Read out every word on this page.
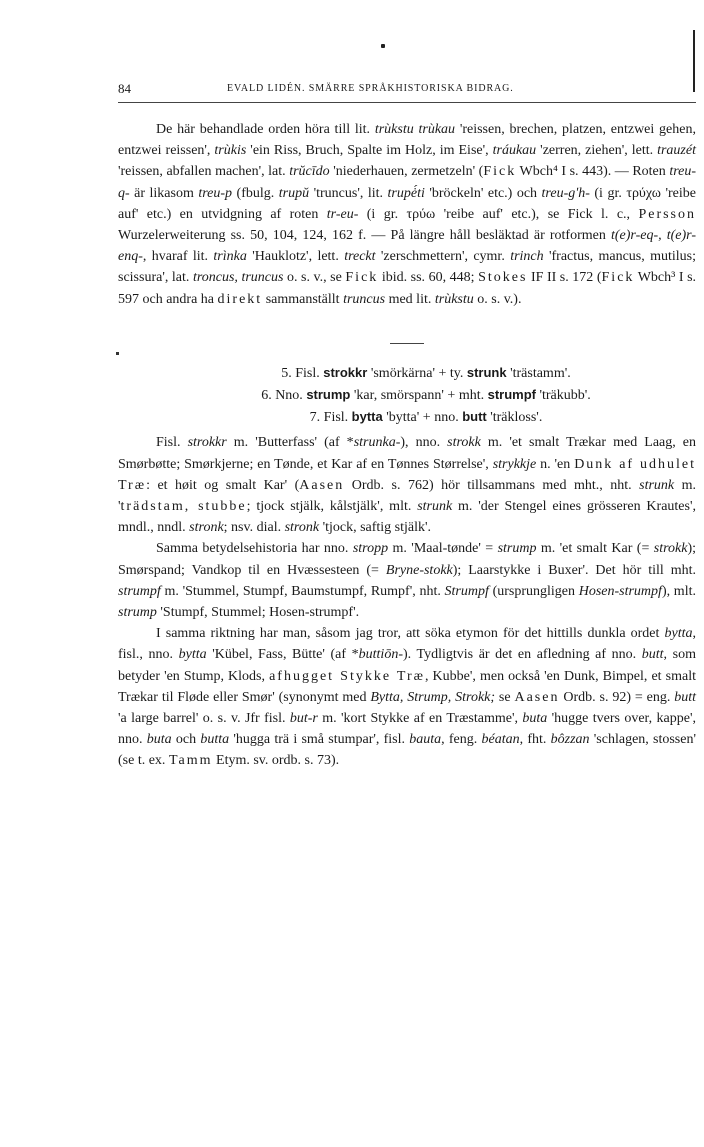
84	EVALD LIDÉN. SMÄRRE SPRÅKHISTORISKA BIDRAG.

De här behandlade orden höra till lit. trùkstu trùkau 'reissen, brechen, platzen, entzwei gehen, entzwei reissen', trùkis 'ein Riss, Bruch, Spalte im Holz, im Eise', tráukau 'zerren, ziehen', lett. trauzét 'reissen, abfallen machen', lat. trŭcīdo 'niederhauen, zermetzeln' (Fick Wbch⁴ I s. 443). — Roten treu-q- är likasom treu-p (fbulg. trupŭ 'truncus', lit. trupė́ti 'bröckeln' etc.) och treu-gʹh- (i gr. τρύχω 'reibe auf' etc.) en utvidgning af roten tr-eu- (i gr. τρύω 'reibe auf' etc.), se Fick l. c., Persson Wurzelerweiterung ss. 50, 104, 124, 162 f. — På längre håll besläktad är rotformen t(e)r-eq-, t(e)r-enq-, hvaraf lit. trìnka 'Hauklotz', lett. treckt 'zerschmettern', cymr. trinch 'fractus, mancus, mutilus; scissura', lat. troncus, truncus o. s. v., se Fick ibid. ss. 60, 448; Stokes IF II s. 172 (Fick Wbch³ I s. 597 och andra ha direkt sammanställt truncus med lit. trùkstu o. s. v.).

5. Fisl. strokkr 'smörkärna' + ty. strunk 'trästamm'.

6. Nno. strump 'kar, smörspann' + mht. strumpf 'träkubb'.

7. Fisl. bytta 'bytta' + nno. butt 'träkloss'.

Fisl. strokkr m. 'Butterfass' (af *strunka-), nno. strokk m. 'et smalt Trækar med Laag, en Smørbøtte; Smørkjerne; en Tønde, et Kar af en Tønnes Størrelse', strykkje n. 'en Dunk af udhulet Træ: et høit og smalt Kar' (Aasen Ordb. s. 762) hör tillsammans med mht., nht. strunk m. 'trädstam, stubbe; tjock stjälk, kålstjälk', mlt. strunk m. 'der Stengel eines grösseren Krautes', mndl., nndl. stronk; nsv. dial. stronk 'tjock, saftig stjälk'.

Samma betydelsehistoria har nno. stropp m. 'Maal-tønde' = strump m. 'et smalt Kar (= strokk); Smørspand; Vandkop til en Hvæssesteen (= Bryne-stokk); Laarstykke i Buxer'. Det hör till mht. strumpf m. 'Stummel, Stumpf, Baumstumpf, Rumpf', nht. Strumpf (ursprungligen Hosen-strumpf), mlt. strump 'Stumpf, Stummel; Hosen-strumpf'.

I samma riktning har man, såsom jag tror, att söka etymon för det hittills dunkla ordet bytta, fisl., nno. bytta 'Kübel, Fass, Bütte' (af *buttiōn-). Tydligtvis är det en afledning af nno. butt, som betyder 'en Stump, Klods, afhugget Stykke Træ, Kubbe', men också 'en Dunk, Bimpel, et smalt Trækar til Fløde eller Smør' (synonymt med Bytta, Strump, Strokk; se Aasen Ordb. s. 92) = eng. butt 'a large barrel' o. s. v. Jfr fisl. but-r m. 'kort Stykke af en Træstamme', buta 'hugge tvers over, kappe', nno. buta och butta 'hugga trä i små stumpar', fisl. bauta, feng. béatan, fht. bôzzan 'schlagen, stossen' (se t. ex. Tamm Etym. sv. ordb. s. 73).
